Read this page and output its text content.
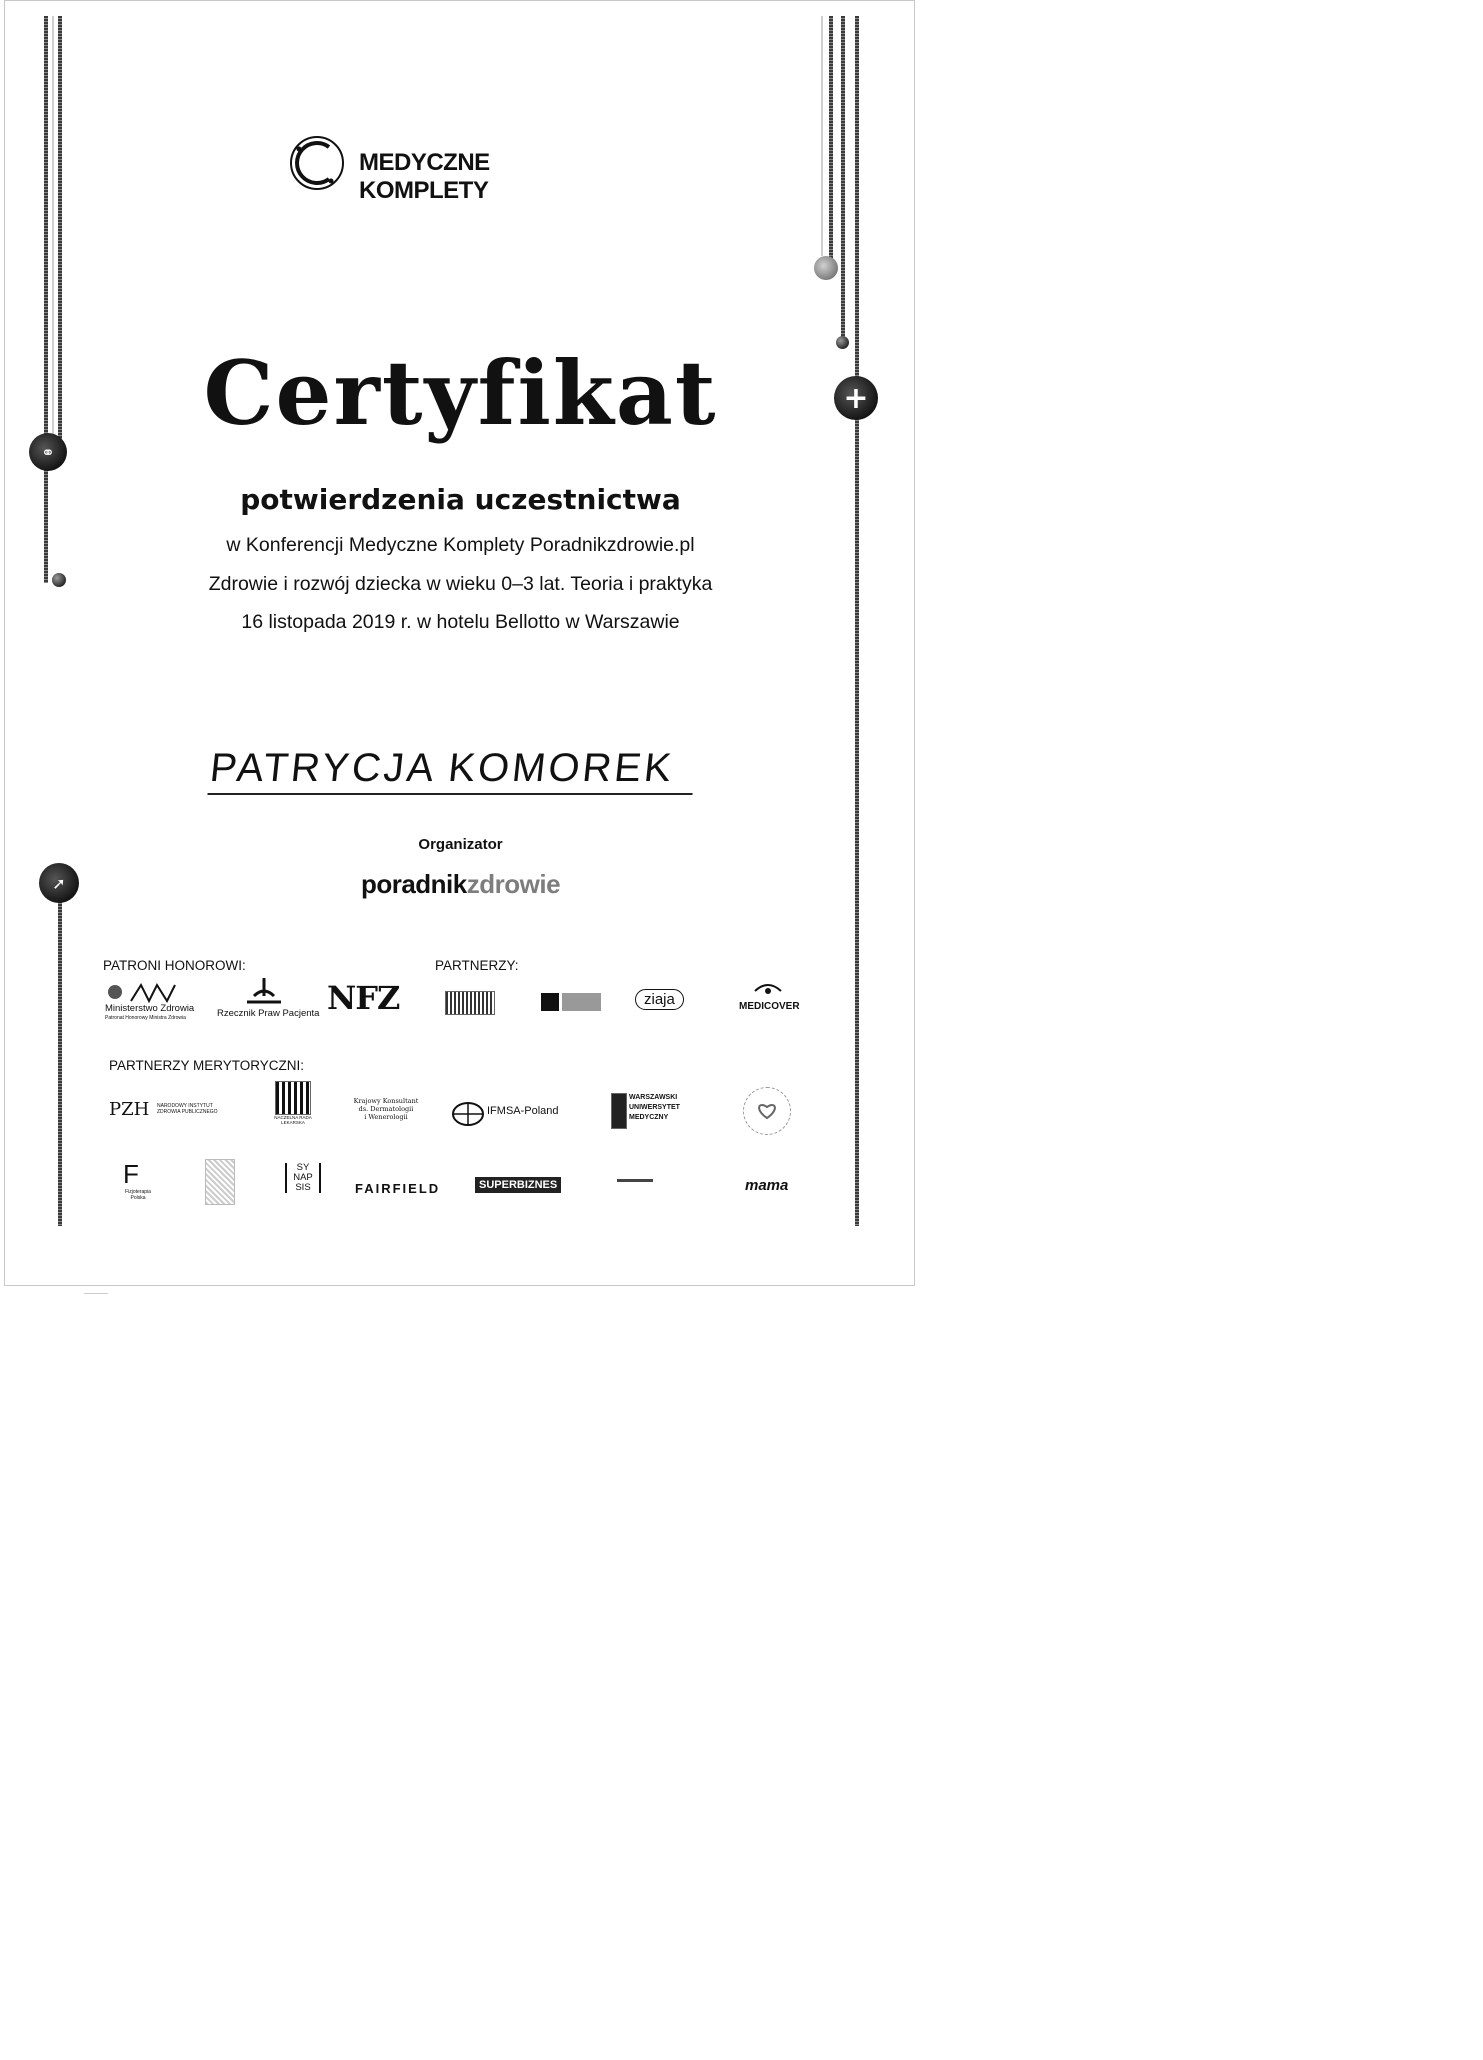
⚭
➚
+
MEDYCZNE KOMPLETY
Certyfikat
potwierdzenia uczestnictwa
w Konferencji Medyczne Komplety Poradnikzdrowie.pl
Zdrowie i rozwój dziecka w wieku 0–3 lat. Teoria i praktyka
16 listopada 2019 r. w hotelu Bellotto w Warszawie
PATRYCJA KOMOREK
Organizator
poradnikzdrowie
PATRONI HONOROWI:
Ministerstwo Zdrowia
Patronat Honorowy Ministra Zdrowia	Rzecznik Praw Pacjenta NFZ
PARTNERZY:
ziaja	MEDICOVER
PARTNERZY MERYTORYCZNI:
PZH NARODOWY INSTYTUT ZDROWIA PUBLICZNEGO
NACZELNA RADA LEKARSKA
Krajowy Konsultant
ds. Dermatologii
i Wenerologii	IFMSA-Poland
WARSZAWSKI UNIWERSYTET MEDYCZNY
F
Fizjoterapia Polska
SY
NAP
SIS	FAIRFIELD	SUPERBIZNES	mama
